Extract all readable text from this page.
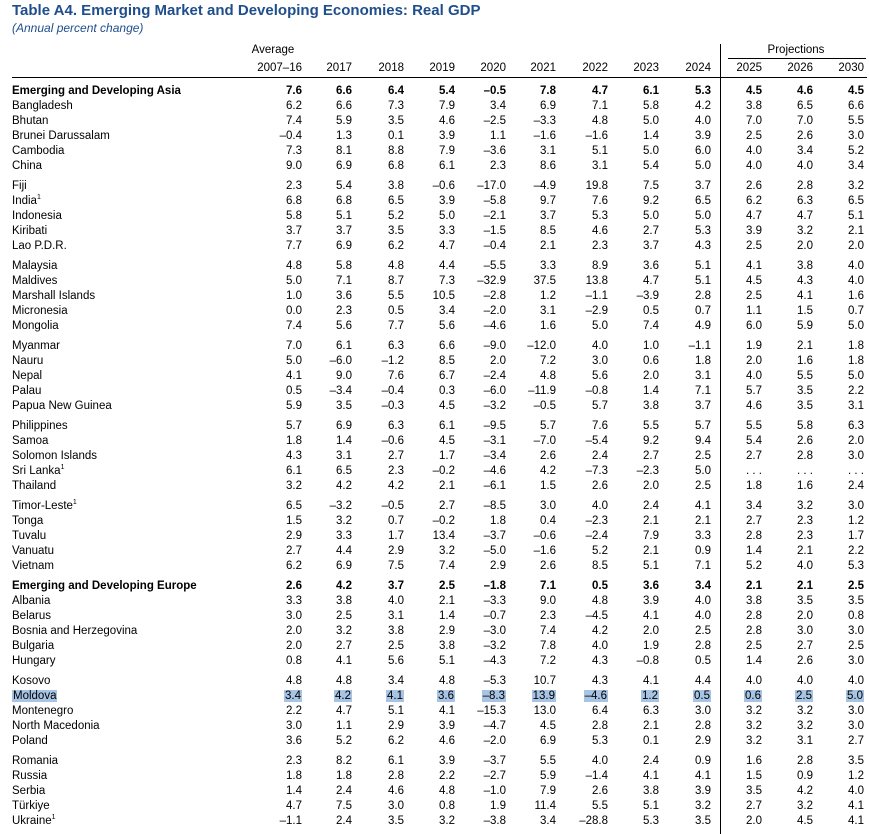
Table A4. Emerging Market and Developing Economies: Real GDP
(Annual percent change)
Average	Projections
2007–16 2017 2018 2019 2020 2021 2022 2023 2024 2025 2026 2030
Emerging and Developing Asia	7.6	6.6	6.4	5.4	–0.5	7.8	4.7	6.1	5.3	4.5	4.6	4.5
Bangladesh	6.2	6.6	7.3	7.9	3.4	6.9	7.1	5.8	4.2	3.8	6.5	6.6
Bhutan	7.4	5.9	3.5	4.6	–2.5	–3.3	4.8	5.0	4.0	7.0	7.0	5.5
Brunei Darussalam	–0.4	1.3	0.1	3.9	1.1	–1.6	–1.6	1.4	3.9	2.5	2.6	3.0
Cambodia	7.3	8.1	8.8	7.9	–3.6	3.1	5.1	5.0	6.0	4.0	3.4	5.2
China	9.0	6.9	6.8	6.1	2.3	8.6	3.1	5.4	5.0	4.0	4.0	3.4

Fiji	2.3	5.4	3.8	–0.6	–17.0	–4.9	19.8	7.5	3.7	2.6	2.8	3.2
India$^1$	6.8	6.8	6.5	3.9	–5.8	9.7	7.6	9.2	6.5	6.2	6.3	6.5
Indonesia	5.8	5.1	5.2	5.0	–2.1	3.7	5.3	5.0	5.0	4.7	4.7	5.1
Kiribati	3.7	3.7	3.5	3.3	–1.5	8.5	4.6	2.7	5.3	3.9	3.2	2.1
Lao P.D.R.	7.7	6.9	6.2	4.7	–0.4	2.1	2.3	3.7	4.3	2.5	2.0	2.0

Malaysia	4.8	5.8	4.8	4.4	–5.5	3.3	8.9	3.6	5.1	4.1	3.8	4.0
Maldives	5.0	7.1	8.7	7.3	–32.9	37.5	13.8	4.7	5.1	4.5	4.3	4.0
Marshall Islands	1.0	3.6	5.5	10.5	–2.8	1.2	–1.1	–3.9	2.8	2.5	4.1	1.6
Micronesia	0.0	2.3	0.5	3.4	–2.0	3.1	–2.9	0.5	0.7	1.1	1.5	0.7
Mongolia	7.4	5.6	7.7	5.6	–4.6	1.6	5.0	7.4	4.9	6.0	5.9	5.0

Myanmar	7.0	6.1	6.3	6.6	–9.0	–12.0	4.0	1.0	–1.1	1.9	2.1	1.8
Nauru	5.0	–6.0	–1.2	8.5	2.0	7.2	3.0	0.6	1.8	2.0	1.6	1.8
Nepal	4.1	9.0	7.6	6.7	–2.4	4.8	5.6	2.0	3.1	4.0	5.5	5.0
Palau	0.5	–3.4	–0.4	0.3	–6.0	–11.9	–0.8	1.4	7.1	5.7	3.5	2.2
Papua New Guinea	5.9	3.5	–0.3	4.5	–3.2	–0.5	5.7	3.8	3.7	4.6	3.5	3.1

Philippines	5.7	6.9	6.3	6.1	–9.5	5.7	7.6	5.5	5.7	5.5	5.8	6.3
Samoa	1.8	1.4	–0.6	4.5	–3.1	–7.0	–5.4	9.2	9.4	5.4	2.6	2.0
Solomon Islands	4.3	3.1	2.7	1.7	–3.4	2.6	2.4	2.7	2.5	2.7	2.8	3.0
Sri Lanka$^1$	6.1	6.5	2.3	–0.2	–4.6	4.2	–7.3	–2.3	5.0	. . .	. . .	. . .
Thailand	3.2	4.2	4.2	2.1	–6.1	1.5	2.6	2.0	2.5	1.8	1.6	2.4

Timor-Leste$^1$	6.5	–3.2	–0.5	2.7	–8.5	3.0	4.0	2.4	4.1	3.4	3.2	3.0
Tonga	1.5	3.2	0.7	–0.2	1.8	0.4	–2.3	2.1	2.1	2.7	2.3	1.2
Tuvalu	2.9	3.3	1.7	13.4	–3.7	–0.6	–2.4	7.9	3.3	2.8	2.3	1.7
Vanuatu	2.7	4.4	2.9	3.2	–5.0	–1.6	5.2	2.1	0.9	1.4	2.1	2.2
Vietnam	6.2	6.9	7.5	7.4	2.9	2.6	8.5	5.1	7.1	5.2	4.0	5.3

Emerging and Developing Europe	2.6	4.2	3.7	2.5	–1.8	7.1	0.5	3.6	3.4	2.1	2.1	2.5
Albania	3.3	3.8	4.0	2.1	–3.3	9.0	4.8	3.9	4.0	3.8	3.5	3.5
Belarus	3.0	2.5	3.1	1.4	–0.7	2.3	–4.5	4.1	4.0	2.8	2.0	0.8
Bosnia and Herzegovina	2.0	3.2	3.8	2.9	–3.0	7.4	4.2	2.0	2.5	2.8	3.0	3.0
Bulgaria	2.0	2.7	2.5	3.8	–3.2	7.8	4.0	1.9	2.8	2.5	2.7	2.5
Hungary	0.8	4.1	5.6	5.1	–4.3	7.2	4.3	–0.8	0.5	1.4	2.6	3.0

Kosovo	4.8	4.8	3.4	4.8	–5.3	10.7	4.3	4.1	4.4	4.0	4.0	4.0
Moldova	3.4	4.2	4.1	3.6	–8.3	13.9	–4.6	1.2	0.5	0.6	2.5	5.0
Montenegro	2.2	4.7	5.1	4.1	–15.3	13.0	6.4	6.3	3.0	3.2	3.2	3.0
North Macedonia	3.0	1.1	2.9	3.9	–4.7	4.5	2.8	2.1	2.8	3.2	3.2	3.0
Poland	3.6	5.2	6.2	4.6	–2.0	6.9	5.3	0.1	2.9	3.2	3.1	2.7

Romania	2.3	8.2	6.1	3.9	–3.7	5.5	4.0	2.4	0.9	1.6	2.8	3.5
Russia	1.8	1.8	2.8	2.2	–2.7	5.9	–1.4	4.1	4.1	1.5	0.9	1.2
Serbia	1.4	2.4	4.6	4.8	–1.0	7.9	2.6	3.8	3.9	3.5	4.2	4.0
Türkiye	4.7	7.5	3.0	0.8	1.9	11.4	5.5	5.1	3.2	2.7	3.2	4.1
Ukraine$^1$	–1.1	2.4	3.5	3.2	–3.8	3.4	–28.8	5.3	3.5	2.0	4.5	4.1
